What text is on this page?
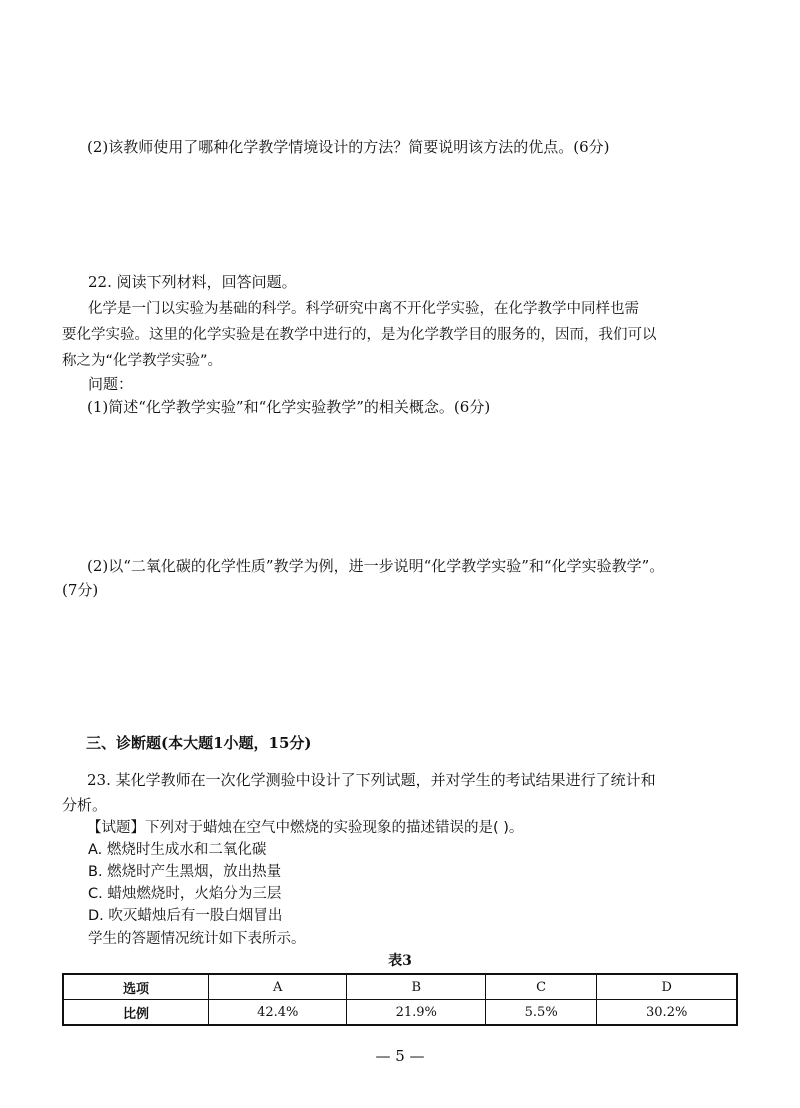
(2)该教师使用了哪种化学教学情境设计的方法？简要说明该方法的优点。(6分)
22. 阅读下列材料，回答问题。
化学是一门以实验为基础的科学。科学研究中离不开化学实验，在化学教学中同样也需
要化学实验。这里的化学实验是在教学中进行的，是为化学教学目的服务的，因而，我们可以
称之为“化学教学实验”。
问题：
(1)简述“化学教学实验”和“化学实验教学”的相关概念。(6分)
(2)以“二氧化碳的化学性质”教学为例，进一步说明“化学教学实验”和“化学实验教学”。
(7分)
三、诊断题(本大题1小题，15分)
23. 某化学教师在一次化学测验中设计了下列试题，并对学生的考试结果进行了统计和
分析。
【试题】下列对于蜡烛在空气中燃烧的实验现象的描述错误的是( )。
A. 燃烧时生成水和二氧化碳
B. 燃烧时产生黑烟，放出热量
C. 蜡烛燃烧时，火焰分为三层
D. 吹灭蜡烛后有一股白烟冒出
学生的答题情况统计如下表所示。
表3
选项	A	B	C	D
比例	42.4%	21.9%	5.5%	30.2%
— 5 —
